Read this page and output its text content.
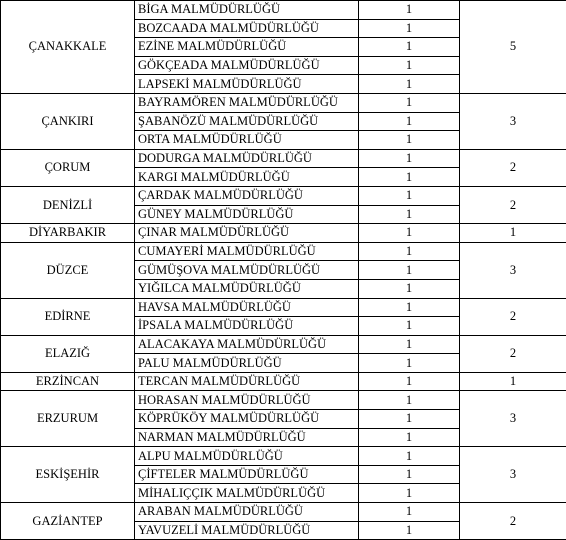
ÇANAKKALE	BİGA MALMÜDÜRLÜĞÜ	1	5
	BOZCAADA MALMÜDÜRLÜĞÜ	1	
	EZİNE MALMÜDÜRLÜĞÜ	1	
	GÖKÇEADA MALMÜDÜRLÜĞÜ	1	
	LAPSEKİ MALMÜDÜRLÜĞÜ	1	
ÇANKIRI	BAYRAMÖREN MALMÜDÜRLÜĞÜ	1	3
	ŞABANÖZÜ MALMÜDÜRLÜĞÜ	1	
	ORTA MALMÜDÜRLÜĞÜ	1	
ÇORUM	DODURGA MALMÜDÜRLÜĞÜ	1	2
	KARGI MALMÜDÜRLÜĞÜ	1	
DENİZLİ	ÇARDAK MALMÜDÜRLÜĞÜ	1	2
	GÜNEY MALMÜDÜRLÜĞÜ	1	
DİYARBAKIR	ÇINAR MALMÜDÜRLÜĞÜ	1	1
DÜZCE	CUMAYERİ MALMÜDÜRLÜĞÜ	1	3
	GÜMÜŞOVA MALMÜDÜRLÜĞÜ	1	
	YIĞILCA MALMÜDÜRLÜĞÜ	1	
EDİRNE	HAVSA MALMÜDÜRLÜĞÜ	1	2
	İPSALA MALMÜDÜRLÜĞÜ	1	
ELAZIĞ	ALACAKAYA MALMÜDÜRLÜĞÜ	1	2
	PALU MALMÜDÜRLÜĞÜ	1	
ERZİNCAN	TERCAN MALMÜDÜRLÜĞÜ	1	1
ERZURUM	HORASAN MALMÜDÜRLÜĞÜ	1	3
	KÖPRÜKÖY MALMÜDÜRLÜĞÜ	1	
	NARMAN MALMÜDÜRLÜĞÜ	1	
ESKİŞEHİR	ALPU MALMÜDÜRLÜĞÜ	1	3
	ÇİFTELER MALMÜDÜRLÜĞÜ	1	
	MİHALIÇÇIK MALMÜDÜRLÜĞÜ	1	
GAZİANTEP	ARABAN MALMÜDÜRLÜĞÜ	1	2
	YAVUZELİ MALMÜDÜRLÜĞÜ	1	
